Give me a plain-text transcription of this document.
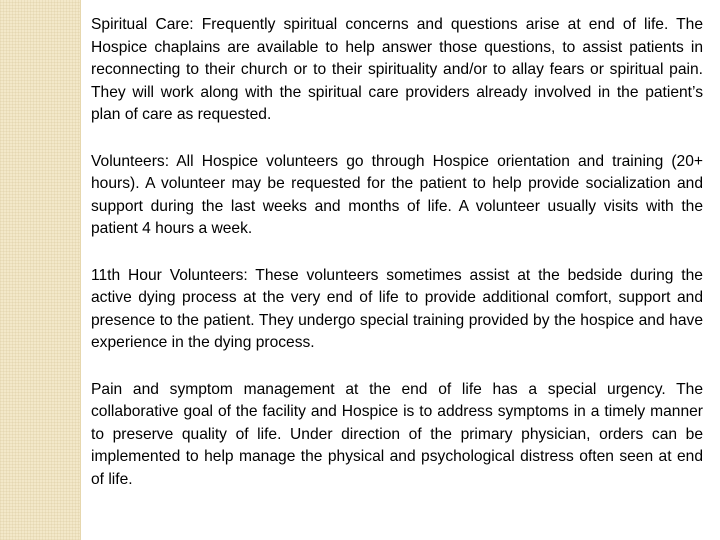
Spiritual Care: Frequently spiritual concerns and questions arise at end of life. The Hospice chaplains are available to help answer those questions, to assist patients in reconnecting to their church or to their spirituality and/or to allay fears or spiritual pain. They will work along with the spiritual care providers already involved in the patient’s plan of care as requested.

Volunteers: All Hospice volunteers go through Hospice orientation and training (20+ hours). A volunteer may be requested for the patient to help provide socialization and support during the last weeks and months of life. A volunteer usually visits with the patient 4 hours a week.

11th Hour Volunteers: These volunteers sometimes assist at the bedside during the active dying process at the very end of life to provide additional comfort, support and presence to the patient. They undergo special training provided by the hospice and have experience in the dying process.

Pain and symptom management at the end of life has a special urgency. The collaborative goal of the facility and Hospice is to address symptoms in a timely manner to preserve quality of life. Under direction of the primary physician, orders can be implemented to help manage the physical and psychological distress often seen at end of life.
